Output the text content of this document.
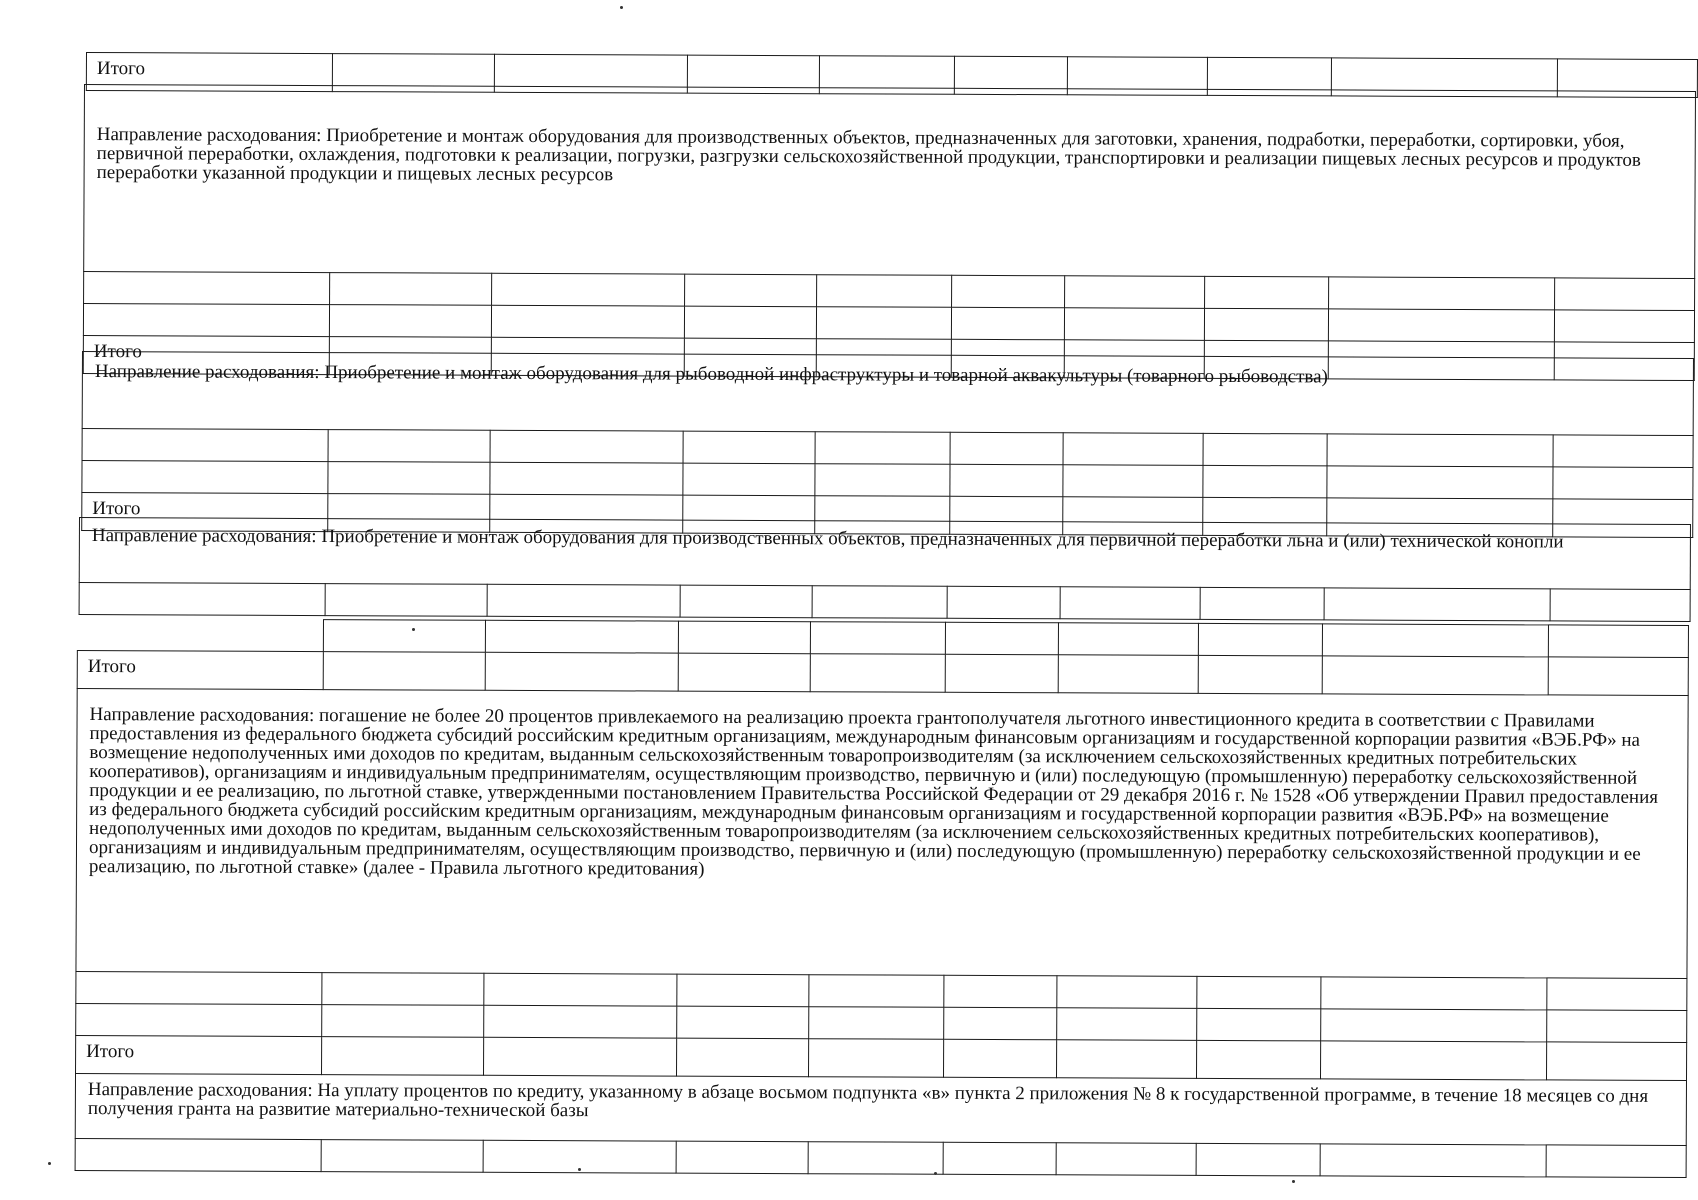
Итого									
Направление расходования: Приобретение и монтаж оборудования для производственных объектов, предназначенных для заготовки, хранения, подработки, переработки, сортировки, убоя, первичной переработки, охлаждения, подготовки к реализации, погрузки, разгрузки сельскохозяйственной продукции, транспортировки и реализации пищевых лесных ресурсов и продуктов переработки указанной продукции и пищевых лесных ресурсов									

Итого									
Направление расходования: Приобретение и монтаж оборудования для рыбоводной инфраструктуры и товарной аквакультуры (товарного рыбоводства)									

Итого									
Направление расходования: Приобретение и монтаж оборудования для производственных объектов, предназначенных для первичной переработки льна и (или) технической конопли

Итого									

Направление расходования: погашение не более 20 процентов привлекаемого на реализацию проекта грантополучателя льготного инвестиционного кредита в соответствии с Правилами предоставления из федерального бюджета субсидий российским кредитным организациям, международным финансовым организациям и государственной корпорации развития «ВЭБ.РФ» на возмещение недополученных ими доходов по кредитам, выданным сельскохозяйственным товаропроизводителям (за исключением сельскохозяйственных кредитных потребительских кооперативов), организациям и индивидуальным предпринимателям, осуществляющим производство, первичную и (или) последующую (промышленную) переработку сельскохозяйственной продукции и ее реализацию, по льготной ставке, утвержденными постановлением Правительства Российской Федерации от 29 декабря 2016 г. № 1528 «Об утверждении Правил предоставления из федерального бюджета субсидий российским кредитным организациям, международным финансовым организациям и государственной корпорации развития «ВЭБ.РФ» на возмещение недополученных ими доходов по кредитам, выданным сельскохозяйственным товаропроизводителям (за исключением сельскохозяйственных кредитных потребительских кооперативов), организациям и индивидуальным предпринимателям, осуществляющим производство, первичную и (или) последующую (промышленную) переработку сельскохозяйственной продукции и ее реализацию, по льготной ставке» (далее - Правила льготного кредитования)									

Итого									

Направление расходования: На уплату процентов по кредиту, указанному в абзаце восьмом подпункта «в» пункта 2 приложения № 8 к государственной программе, в течение 18 месяцев со дня получения гранта на развитие материально-технической базы									
